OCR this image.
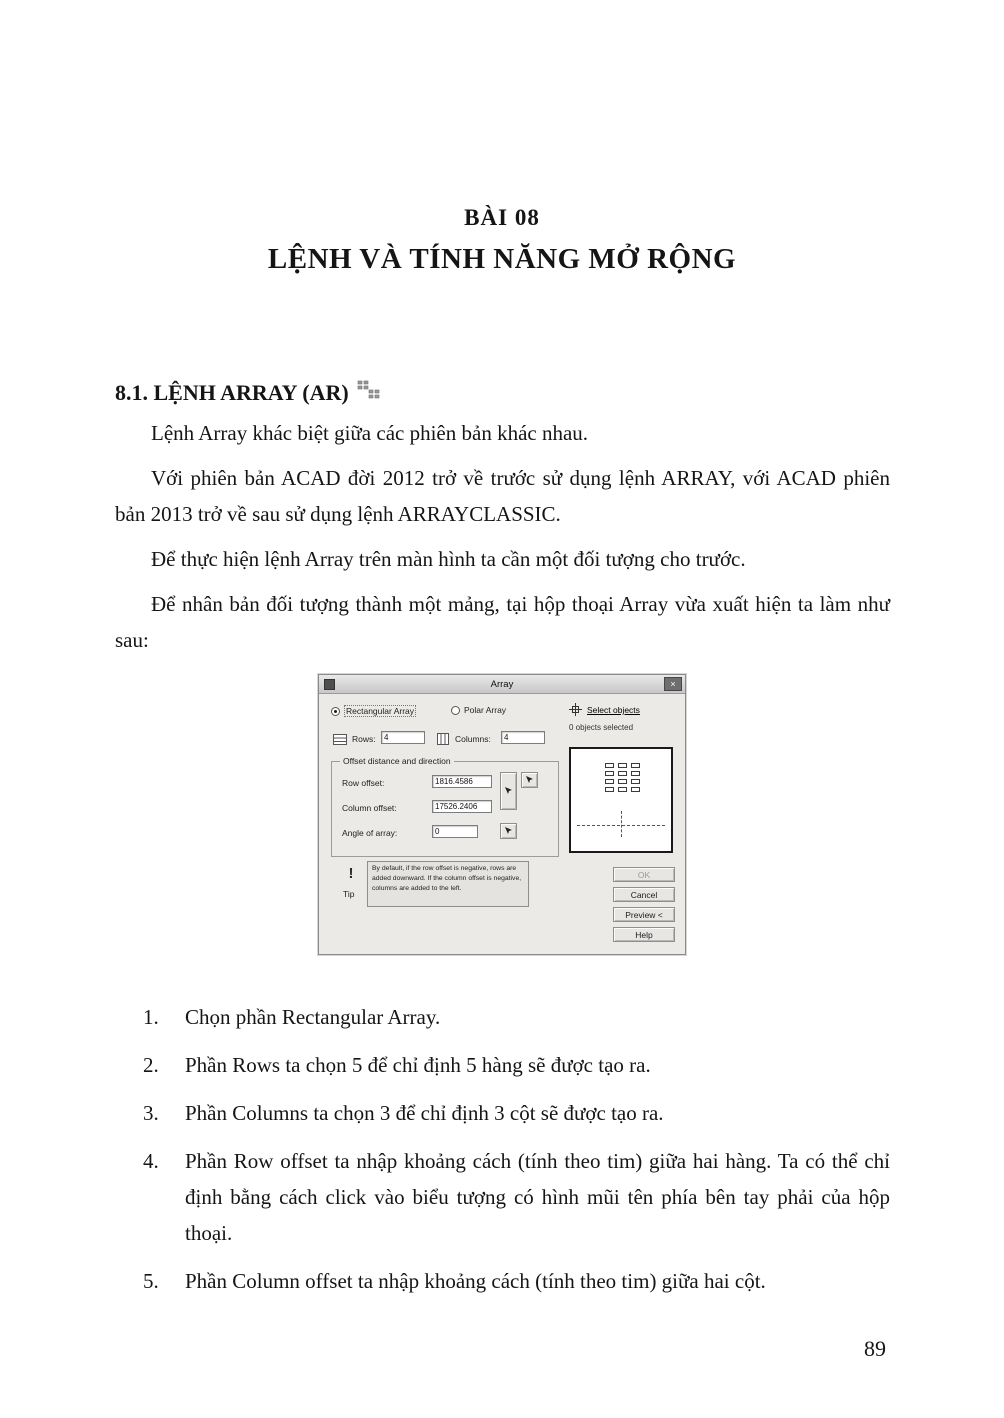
BÀI 08
LỆNH VÀ TÍNH NĂNG MỞ RỘNG
8.1. LỆNH ARRAY (AR)

Lệnh Array khác biệt giữa các phiên bản khác nhau.

Với phiên bản ACAD đời 2012 trở về trước sử dụng lệnh ARRAY, với ACAD phiên bản 2013 trở về sau sử dụng lệnh ARRAYCLASSIC.

Để thực hiện lệnh Array trên màn hình ta cần một đối tượng cho trước.

Để nhân bản đối tượng thành một mảng, tại hộp thoại Array vừa xuất hiện ta làm như sau:

Array	×
Rectangular Array	Polar Array	Select objects
0 objects selected
Rows:
4	Columns:
4
Offset distance and direction
Row offset:
1816.4586
Column offset:
17526.2406
Angle of array:
0
!
Tip
By default, if the row offset is negative, rows are added downward. If the column offset is negative, columns are added to the left.
OK
Cancel
Preview <
Help
1. Chọn phần Rectangular Array.
2. Phần Rows ta chọn 5 để chỉ định 5 hàng sẽ được tạo ra.
3. Phần Columns ta chọn 3 để chỉ định 3 cột sẽ được tạo ra.
4. Phần Row offset ta nhập khoảng cách (tính theo tim) giữa hai hàng. Ta có thể chỉ định bằng cách click vào biểu tượng có hình mũi tên phía bên tay phải của hộp thoại.
5. Phần Column offset ta nhập khoảng cách (tính theo tim) giữa hai cột.
89
